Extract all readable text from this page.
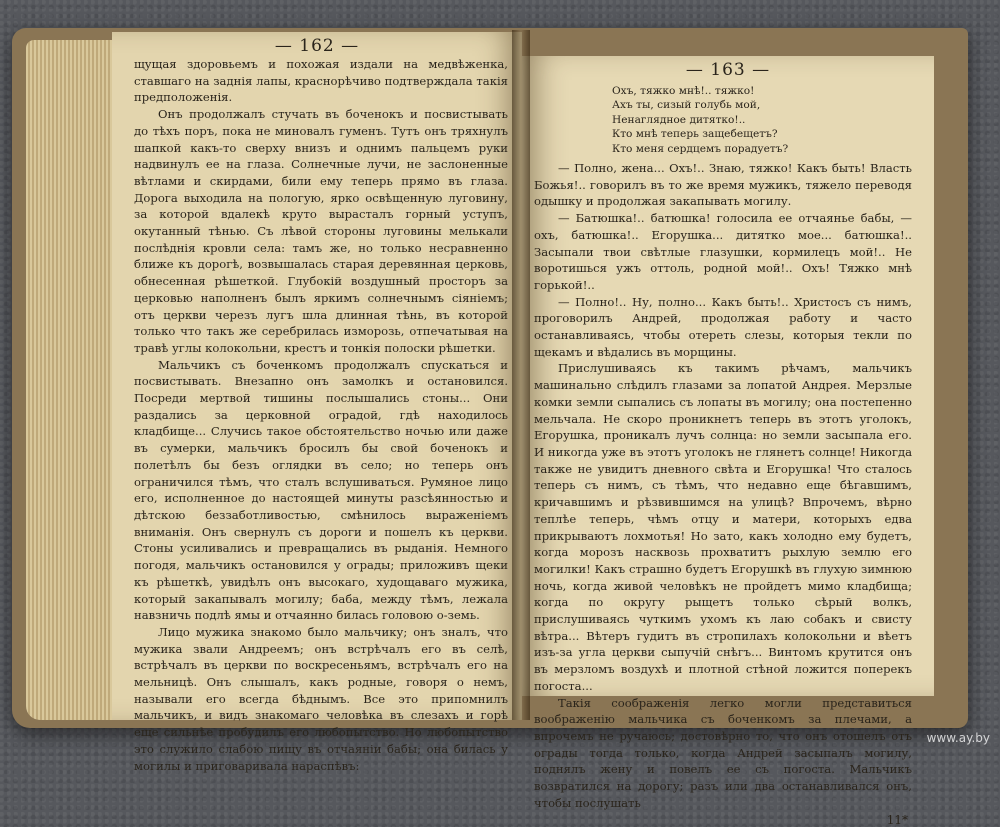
— 162 —

щущая здоровьемъ и похожая издали на медвѣженка, ставшаго на заднія лапы, краснорѣчиво подтверждала такія предположенія.

Онъ продолжалъ стучать въ боченокъ и посвистывать до тѣхъ поръ, пока не миновалъ гуменъ. Тутъ онъ тряхнулъ шапкой какъ-то сверху внизъ и однимъ пальцемъ руки надвинулъ ее на глаза. Солнечные лучи, не заслоненные вѣтлами и скирдами, били ему теперь прямо въ глаза. Дорога выходила на пологую, ярко освѣщенную луговину, за которой вдалекѣ круто вырасталъ горный уступъ, окутанный тѣнью. Съ лѣвой стороны луговины мелькали послѣднія кровли села: тамъ же, но только несравненно ближе къ дорогѣ, возвышалась старая деревянная церковь, обнесенная рѣшеткой. Глубокій воздушный просторъ за церковью наполненъ былъ яркимъ солнечнымъ сіяніемъ; отъ церкви черезъ лугъ шла длинная тѣнь, въ которой только что такъ же серебрилась изморозь, отпечатывая на травѣ углы колокольни, крестъ и тонкія полоски рѣшетки.

Мальчикъ съ боченкомъ продолжалъ спускаться и посвистывать. Внезапно онъ замолкъ и остановился. Посреди мертвой тишины послышались стоны... Они раздались за церковной оградой, гдѣ находилось кладбище... Случись такое обстоятельство ночью или даже въ сумерки, мальчикъ бросилъ бы свой боченокъ и полетѣлъ бы безъ оглядки въ село; но теперь онъ ограничился тѣмъ, что сталъ вслушиваться. Румяное лицо его, исполненное до настоящей минуты разсѣянностью и дѣтскою беззаботливостью, смѣнилось выраженіемъ вниманія. Онъ свернулъ съ дороги и пошелъ къ церкви. Стоны усиливались и превращались въ рыданія. Немного погодя, мальчикъ остановился у ограды; приложивъ щеки къ рѣшеткѣ, увидѣлъ онъ высокаго, худощаваго мужика, который закапывалъ могилу; баба, между тѣмъ, лежала навзничь подлѣ ямы и отчаянно билась головою о-земь.

Лицо мужика знакомо было мальчику; онъ зналъ, что мужика звали Андреемъ; онъ встрѣчалъ его въ селѣ, встрѣчалъ въ церкви по воскресеньямъ, встрѣчалъ его на мельницѣ. Онъ слышалъ, какъ родные, говоря о немъ, называли его всегда бѣднымъ. Все это припомнилъ мальчикъ, и видъ знакомаго человѣка въ слезахъ и горѣ еще сильнѣе пробудилъ его любопытство. Но любопытство это служило слабою пищу въ отчаяніи бабы; она билась у могилы и приговаривала нараспѣвъ:

— 163 —
Охъ, тяжко мнѣ!.. тяжко!
Ахъ ты, сизый голубь мой,
Ненаглядное дитятко!..
Кто мнѣ теперь защебещетъ?
Кто меня сердцемъ порадуетъ?

— Полно, жена... Охъ!.. Знаю, тяжко! Какъ быть! Власть Божья!.. говорилъ въ то же время мужикъ, тяжело переводя одышку и продолжая закапывать могилу.

— Батюшка!.. батюшка! голосила ее отчаянье бабы, — охъ, батюшка!.. Егорушка... дитятко мое... батюшка!.. Засыпали твои свѣтлые глазушки, кормилецъ мой!.. Не воротишься ужъ оттоль, родной мой!.. Охъ! Тяжко мнѣ горькой!..

— Полно!.. Ну, полно... Какъ быть!.. Христосъ съ нимъ, проговорилъ Андрей, продолжая работу и часто останавливаясь, чтобы отереть слезы, которыя текли по щекамъ и вѣдались въ морщины.

Прислушиваясь къ такимъ рѣчамъ, мальчикъ машинально слѣдилъ глазами за лопатой Андрея. Мерзлые комки земли сыпались съ лопаты въ могилу; она постепенно мельчала. Не скоро проникнетъ теперь въ этотъ уголокъ, Егорушка, проникалъ лучъ солнца: но земли засыпала его. И никогда уже въ этотъ уголокъ не глянетъ солнце! Никогда также не увидитъ дневного свѣта и Егорушка! Что сталось теперь съ нимъ, съ тѣмъ, что недавно еще бѣгавшимъ, кричавшимъ и рѣзвившимся на улицѣ? Впрочемъ, вѣрно теплѣе теперь, чѣмъ отцу и матери, которыхъ едва прикрываютъ лохмотья! Но зато, какъ холодно ему будетъ, когда морозъ насквозь прохватитъ рыхлую землю его могилки! Какъ страшно будетъ Егорушкѣ въ глухую зимнюю ночь, когда живой человѣкъ не пройдетъ мимо кладбища; когда по округу рыщетъ только сѣрый волкъ, прислушиваясь чуткимъ ухомъ къ лаю собакъ и свисту вѣтра... Вѣтеръ гудитъ въ стропилахъ колокольни и вѣетъ изъ-за угла церкви сыпучій снѣгъ... Винтомъ крутится онъ въ мерзломъ воздухѣ и плотной стѣной ложится поперекъ погоста...

Такія соображенія легко могли представиться воображенію мальчика съ боченкомъ за плечами, а впрочемъ не ручаюсь; достовѣрно то, что онъ отошелъ отъ ограды тогда только, когда Андрей засыпалъ могилу, поднялъ жену и повелъ ее съ погоста. Мальчикъ возвратился на дорогу; разъ или два останавливался онъ, чтобы послушать

11*
www.ay.by
